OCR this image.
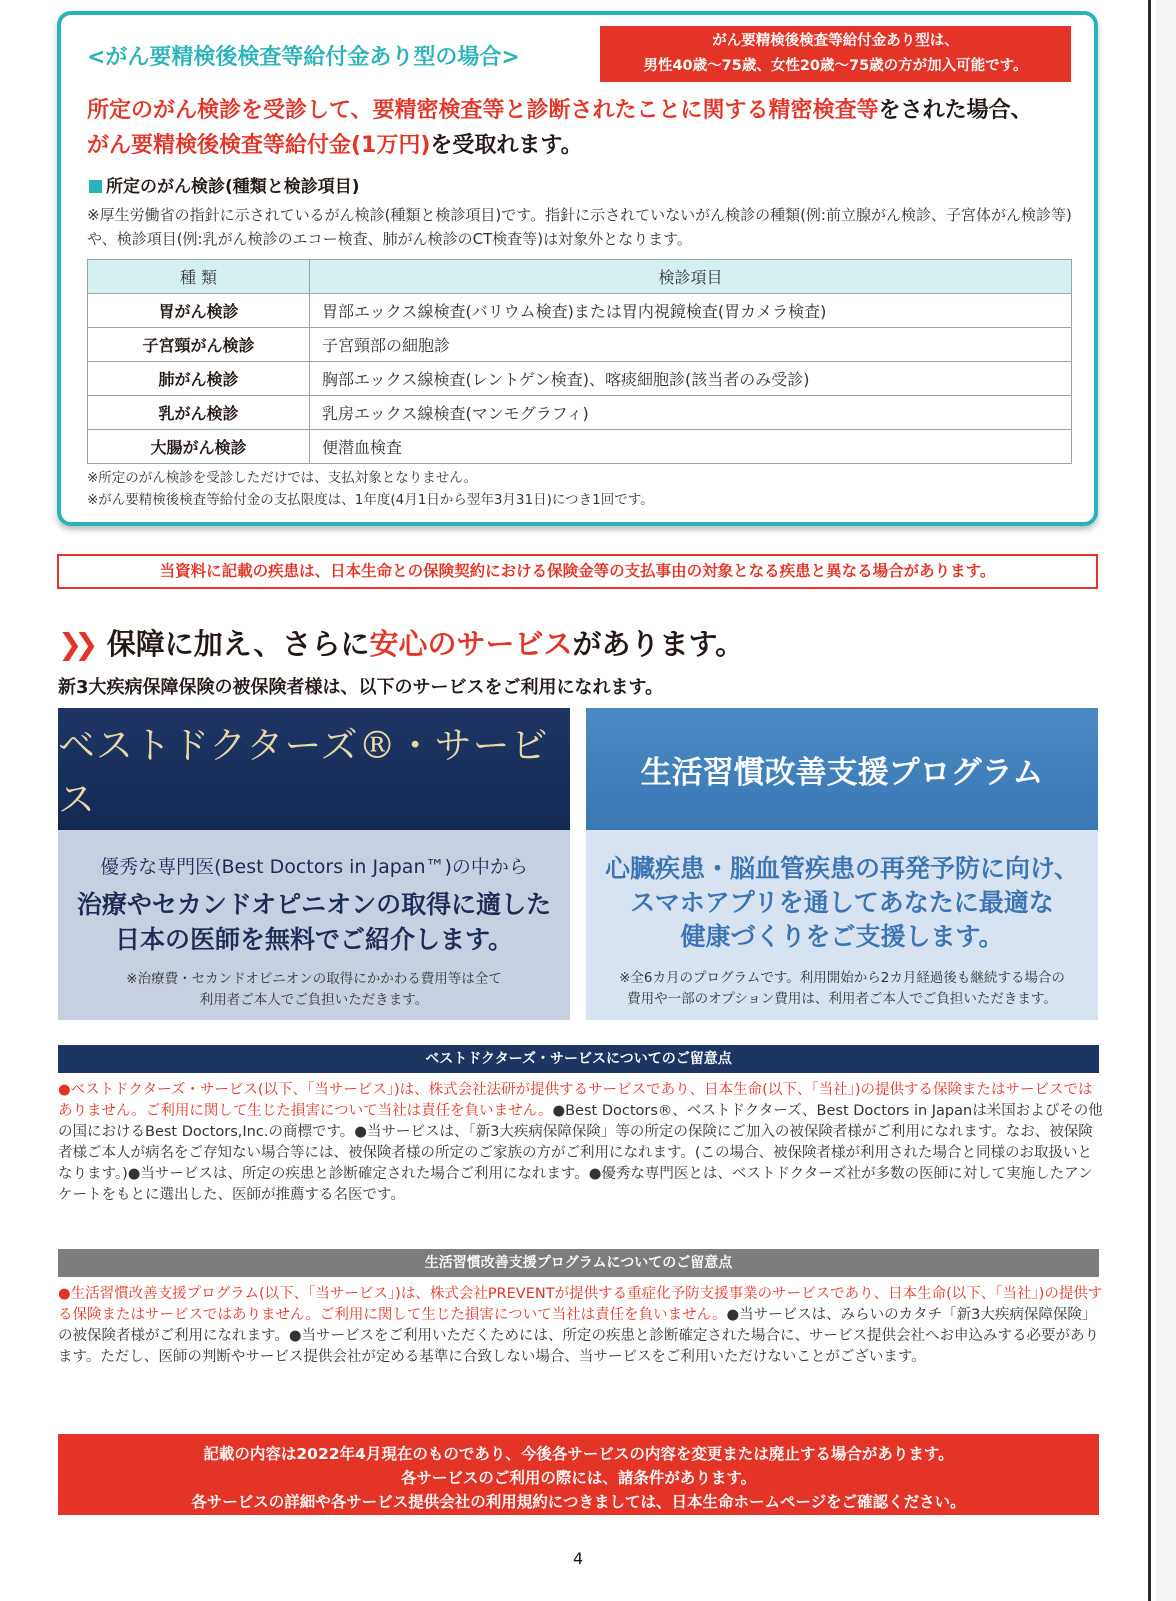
<がん要精検後検査等給付金あり型の場合>
がん要精検後検査等給付金あり型は、
男性40歳〜75歳、女性20歳〜75歳の方が加入可能です。
所定のがん検診を受診して、要精密検査等と診断されたことに関する精密検査等をされた場合、
がん要精検後検査等給付金(1万円)を受取れます。
所定のがん検診(種類と検診項目)
※厚生労働省の指針に示されているがん検診(種類と検診項目)です。指針に示されていないがん検診の種類(例:前立腺がん検診、子宮体がん検診等)や、検診項目(例:乳がん検診のエコー検査、肺がん検診のCT検査等)は対象外となります。
種 類	検診項目
胃がん検診	胃部エックス線検査(バリウム検査)または胃内視鏡検査(胃カメラ検査)
子宮頸がん検診	子宮頸部の細胞診
肺がん検診	胸部エックス線検査(レントゲン検査)、喀痰細胞診(該当者のみ受診)
乳がん検診	乳房エックス線検査(マンモグラフィ)
大腸がん検診	便潜血検査
※所定のがん検診を受診しただけでは、支払対象となりません。
※がん要精検後検査等給付金の支払限度は、1年度(4月1日から翌年3月31日)につき1回です。
当資料に記載の疾患は、日本生命との保険契約における保険金等の支払事由の対象となる疾患と異なる場合があります。
❯❯ 保障に加え、さらに安心のサービスがあります。
新3大疾病保障保険の被保険者様は、以下のサービスをご利用になれます。
ベストドクターズ®・サービス
優秀な専門医(Best Doctors in Japan™)の中から
治療やセカンドオピニオンの取得に適した
日本の医師を無料でご紹介します。
※治療費・セカンドオピニオンの取得にかかわる費用等は全て
利用者ご本人でご負担いただきます。
生活習慣改善支援プログラム
心臓疾患・脳血管疾患の再発予防に向け、
スマホアプリを通してあなたに最適な
健康づくりをご支援します。
※全6カ月のプログラムです。利用開始から2カ月経過後も継続する場合の
費用や一部のオプション費用は、利用者ご本人でご負担いただきます。
ベストドクターズ・サービスについてのご留意点
●ベストドクターズ・サービス(以下、「当サービス」)は、株式会社法研が提供するサービスであり、日本生命(以下、「当社」)の提供する保険またはサービスではありません。ご利用に関して生じた損害について当社は責任を負いません。●Best Doctors®、ベストドクターズ、Best Doctors in Japanは米国およびその他の国におけるBest Doctors,Inc.の商標です。●当サービスは、「新3大疾病保障保険」等の所定の保険にご加入の被保険者様がご利用になれます。なお、被保険者様ご本人が病名をご存知ない場合等には、被保険者様の所定のご家族の方がご利用になれます。(この場合、被保険者様が利用された場合と同様のお取扱いとなります。)●当サービスは、所定の疾患と診断確定された場合ご利用になれます。●優秀な専門医とは、ベストドクターズ社が多数の医師に対して実施したアンケートをもとに選出した、医師が推薦する名医です。
生活習慣改善支援プログラムについてのご留意点
●生活習慣改善支援プログラム(以下、「当サービス」)は、株式会社PREVENTが提供する重症化予防支援事業のサービスであり、日本生命(以下、「当社」)の提供する保険またはサービスではありません。ご利用に関して生じた損害について当社は責任を負いません。●当サービスは、みらいのカタチ「新3大疾病保障保険」の被保険者様がご利用になれます。●当サービスをご利用いただくためには、所定の疾患と診断確定された場合に、サービス提供会社へお申込みする必要があります。ただし、医師の判断やサービス提供会社が定める基準に合致しない場合、当サービスをご利用いただけないことがございます。
記載の内容は2022年4月現在のものであり、今後各サービスの内容を変更または廃止する場合があります。
各サービスのご利用の際には、諸条件があります。
各サービスの詳細や各サービス提供会社の利用規約につきましては、日本生命ホームページをご確認ください。
4
